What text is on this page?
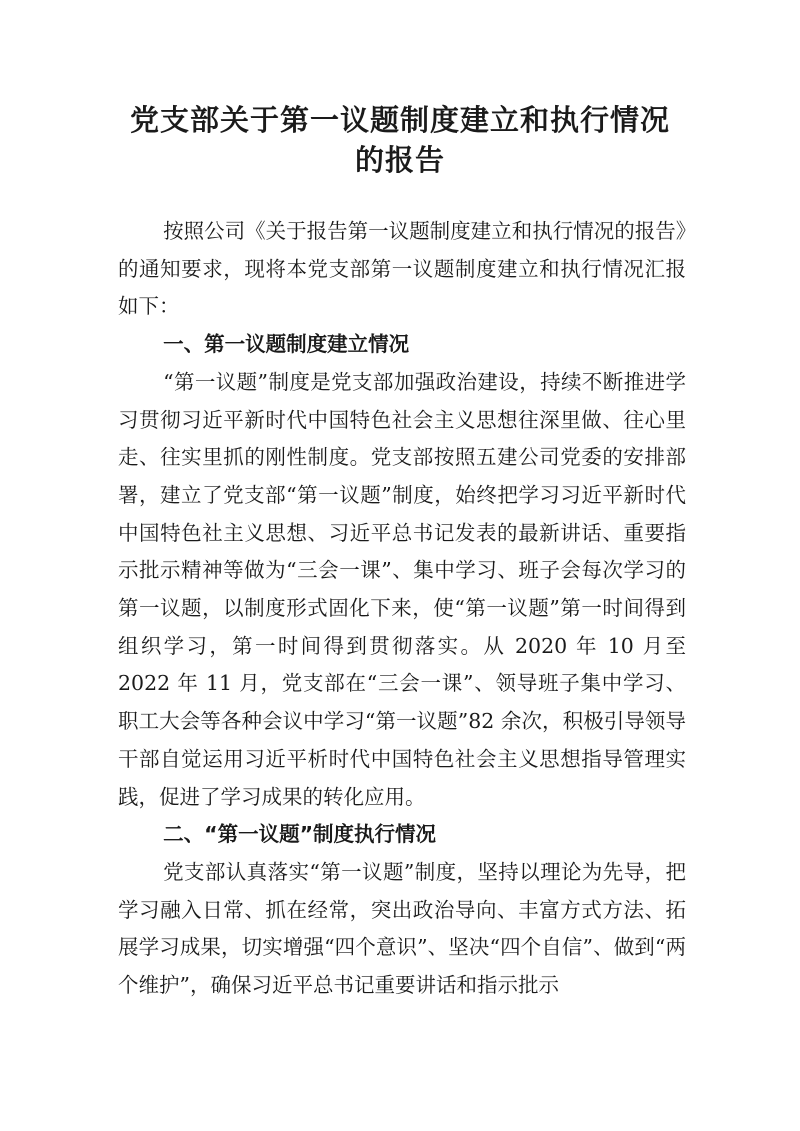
党支部关于第一议题制度建立和执行情况
的报告

按照公司《关于报告第一议题制度建立和执行情况的报告》的通知要求，现将本党支部第一议题制度建立和执行情况汇报如下：

一、第一议题制度建立情况

“第一议题”制度是党支部加强政治建设，持续不断推进学习贯彻习近平新时代中国特色社会主义思想往深里做、往心里走、往实里抓的刚性制度。党支部按照五建公司党委的安排部署，建立了党支部“第一议题”制度，始终把学习习近平新时代中国特色社主义思想、习近平总书记发表的最新讲话、重要指示批示精神等做为“三会一课”、集中学习、班子会每次学习的第一议题，以制度形式固化下来，使“第一议题”第一时间得到组织学习，第一时间得到贯彻落实。从 2020 年 10 月至 2022 年 11 月，党支部在“三会一课”、领导班子集中学习、职工大会等各种会议中学习“第一议题”82 余次，积极引导领导干部自觉运用习近平析时代中国特色社会主义思想指导管理实践，促进了学习成果的转化应用。

二、“第一议题”制度执行情况

党支部认真落实“第一议题”制度，坚持以理论为先导，把学习融入日常、抓在经常，突出政治导向、丰富方式方法、拓展学习成果，切实增强“四个意识”、坚决“四个自信”、做到“两个维护”，确保习近平总书记重要讲话和指示批示
